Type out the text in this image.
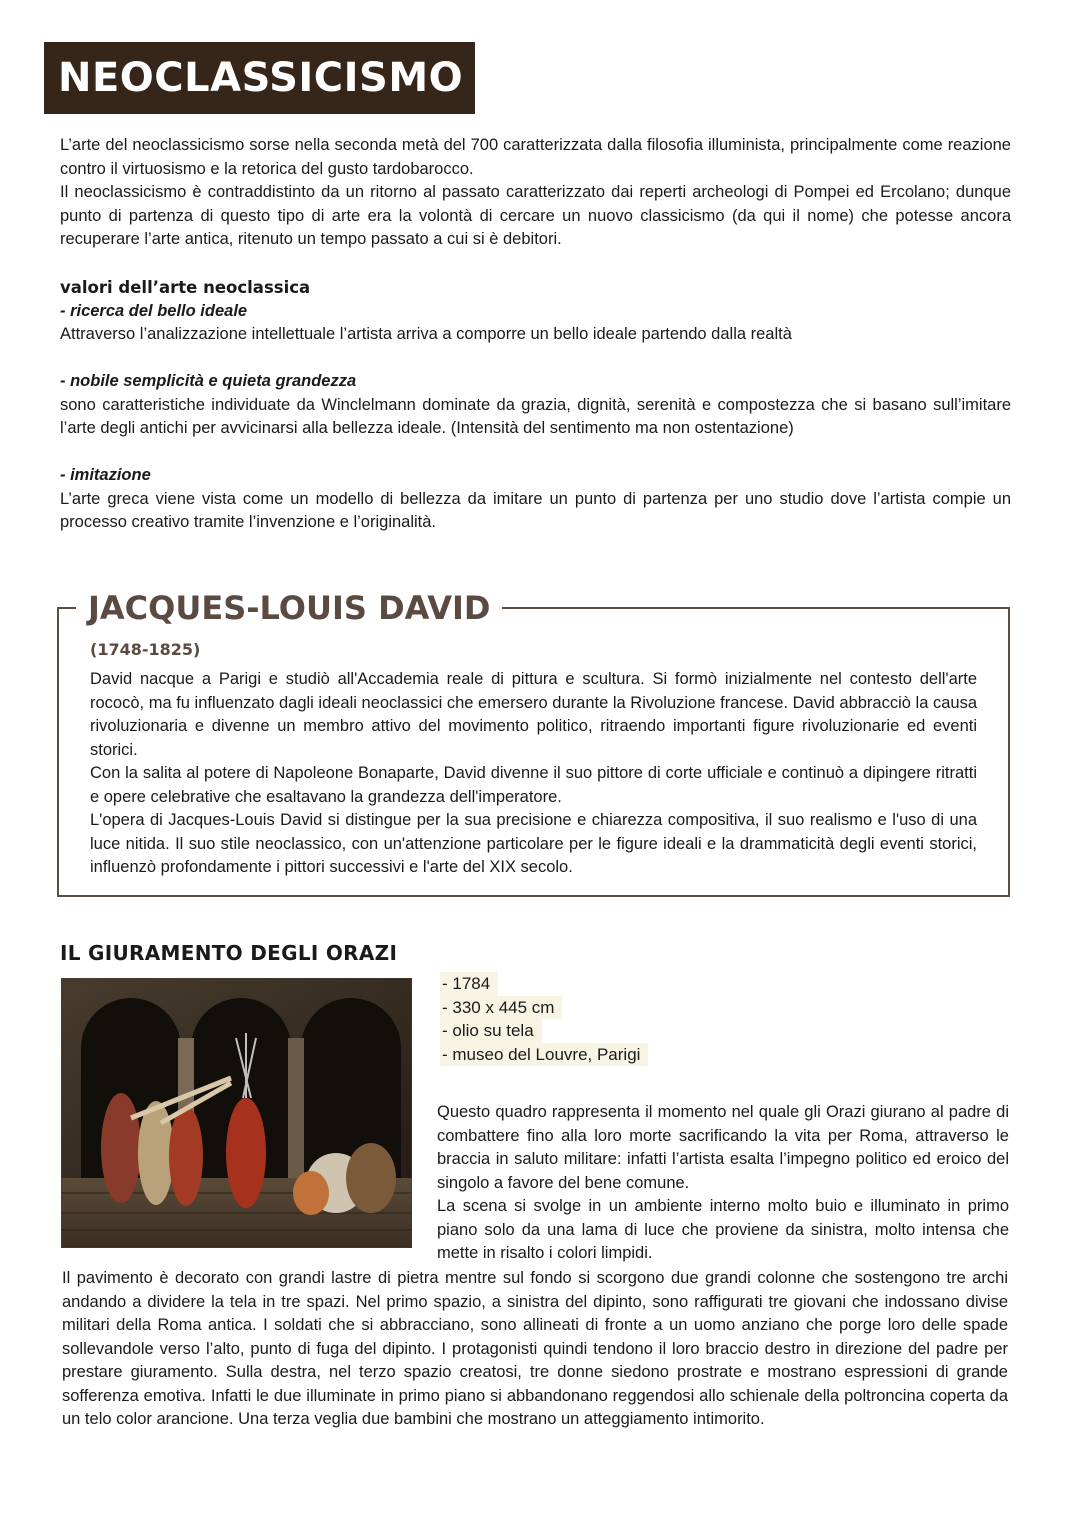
NEOCLASSICISMO

L’arte del neoclassicismo sorse nella seconda metà del 700 caratterizzata dalla filosofia illuminista, principalmente come reazione contro il virtuosismo e la retorica del gusto tardobarocco.

Il neoclassicismo è contraddistinto da un ritorno al passato caratterizzato dai reperti archeologi di Pompei ed Ercolano; dunque punto di partenza di questo tipo di arte era la volontà di cercare un nuovo classicismo (da qui il nome) che potesse ancora recuperare l’arte antica, ritenuto un tempo passato a cui si è debitori.

valori dell’arte neoclassica

- ricerca del bello ideale

Attraverso l’analizzazione intellettuale l’artista arriva a comporre un bello ideale partendo dalla realtà

- nobile semplicità e quieta grandezza

sono caratteristiche individuate da Winclelmann dominate da grazia, dignità, serenità e compostezza che si basano sull’imitare l’arte degli antichi per avvicinarsi alla bellezza ideale. (Intensità del sentimento ma non ostentazione)

- imitazione

L’arte greca viene vista come un modello di bellezza da imitare un punto di partenza per uno studio dove l’artista compie un processo creativo tramite l’invenzione e l’originalità.

JACQUES-LOUIS DAVID
(1748-1825)

David nacque a Parigi e studiò all'Accademia reale di pittura e scultura. Si formò inizialmente nel contesto dell'arte rococò, ma fu influenzato dagli ideali neoclassici che emersero durante la Rivoluzione francese. David abbracciò la causa rivoluzionaria e divenne un membro attivo del movimento politico, ritraendo importanti figure rivoluzionarie ed eventi storici.

Con la salita al potere di Napoleone Bonaparte, David divenne il suo pittore di corte ufficiale e continuò a dipingere ritratti e opere celebrative che esaltavano la grandezza dell'imperatore.

L'opera di Jacques-Louis David si distingue per la sua precisione e chiarezza compositiva, il suo realismo e l'uso di una luce nitida. Il suo stile neoclassico, con un'attenzione particolare per le figure ideali e la drammaticità degli eventi storici, influenzò profondamente i pittori successivi e l'arte del XIX secolo.

IL GIURAMENTO DEGLI ORAZI

- 1784

- 330 x 445 cm

- olio su tela

- museo del Louvre, Parigi

Questo quadro rappresenta il momento nel quale gli Orazi giurano al padre di combattere fino alla loro morte sacrificando la vita per Roma, attraverso le braccia in saluto militare: infatti l’artista esalta l’impegno politico ed eroico del singolo a favore del bene comune.

La scena si svolge in un ambiente interno molto buio e illuminato in primo piano solo da una lama di luce che proviene da sinistra, molto intensa che mette in risalto i colori limpidi.

Il pavimento è decorato con grandi lastre di pietra mentre sul fondo si scorgono due grandi colonne che sostengono tre archi andando a dividere la tela in tre spazi. Nel primo spazio, a sinistra del dipinto, sono raffigurati tre giovani che indossano divise militari della Roma antica. I soldati che si abbracciano, sono allineati di fronte a un uomo anziano che porge loro delle spade sollevandole verso l’alto, punto di fuga del dipinto. I protagonisti quindi tendono il loro braccio destro in direzione del padre per prestare giuramento. Sulla destra, nel terzo spazio creatosi, tre donne siedono prostrate e mostrano espressioni di grande sofferenza emotiva. Infatti le due illuminate in primo piano si abbandonano reggendosi allo schienale della poltroncina coperta da un telo color arancione. Una terza veglia due bambini che mostrano un atteggiamento intimorito.
